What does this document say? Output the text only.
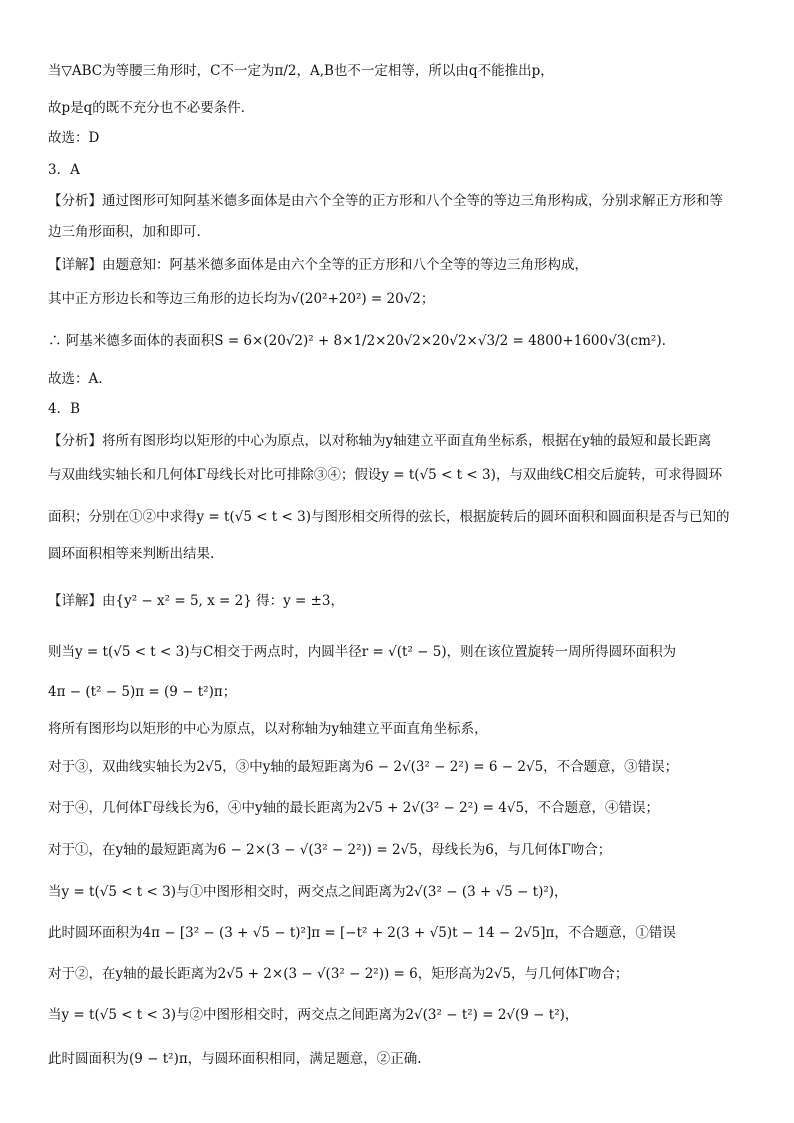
当▽ABC为等腰三角形时，C不一定为π/2，A,B也不一定相等，所以由q不能推出p，
故p是q的既不充分也不必要条件．
故选：D
3．A
【分析】通过图形可知阿基米德多面体是由六个全等的正方形和八个全等的等边三角形构成，分别求解正方形和等
边三角形面积，加和即可.
【详解】由题意知：阿基米德多面体是由六个全等的正方形和八个全等的等边三角形构成，
其中正方形边长和等边三角形的边长均为√(20²+20²) = 20√2；
∴ 阿基米德多面体的表面积S = 6×(20√2)² + 8×1/2×20√2×20√2×√3/2 = 4800+1600√3(cm²).
故选：A.
4．B
【分析】将所有图形均以矩形的中心为原点，以对称轴为y轴建立平面直角坐标系，根据在y轴的最短和最长距离
与双曲线实轴长和几何体Γ母线长对比可排除③④；假设y = t(√5 < t < 3)，与双曲线C相交后旋转，可求得圆环
面积；分别在①②中求得y = t(√5 < t < 3)与图形相交所得的弦长，根据旋转后的圆环面积和圆面积是否与已知的
圆环面积相等来判断出结果.
【详解】由{y² − x² = 5, x = 2} 得：y = ±3，
则当y = t(√5 < t < 3)与C相交于两点时，内圆半径r = √(t² − 5)，则在该位置旋转一周所得圆环面积为
4π − (t² − 5)π = (9 − t²)π；
将所有图形均以矩形的中心为原点，以对称轴为y轴建立平面直角坐标系，
对于③，双曲线实轴长为2√5，③中y轴的最短距离为6 − 2√(3² − 2²) = 6 − 2√5，不合题意，③错误；
对于④，几何体Γ母线长为6，④中y轴的最长距离为2√5 + 2√(3² − 2²) = 4√5，不合题意，④错误；
对于①，在y轴的最短距离为6 − 2×(3 − √(3² − 2²)) = 2√5，母线长为6，与几何体Γ吻合；
当y = t(√5 < t < 3)与①中图形相交时，两交点之间距离为2√(3² − (3 + √5 − t)²)，
此时圆环面积为4π − [3² − (3 + √5 − t)²]π = [−t² + 2(3 + √5)t − 14 − 2√5]π，不合题意，①错误
对于②，在y轴的最长距离为2√5 + 2×(3 − √(3² − 2²)) = 6，矩形高为2√5，与几何体Γ吻合；
当y = t(√5 < t < 3)与②中图形相交时，两交点之间距离为2√(3² − t²) = 2√(9 − t²)，
此时圆面积为(9 − t²)π，与圆环面积相同，满足题意，②正确.
